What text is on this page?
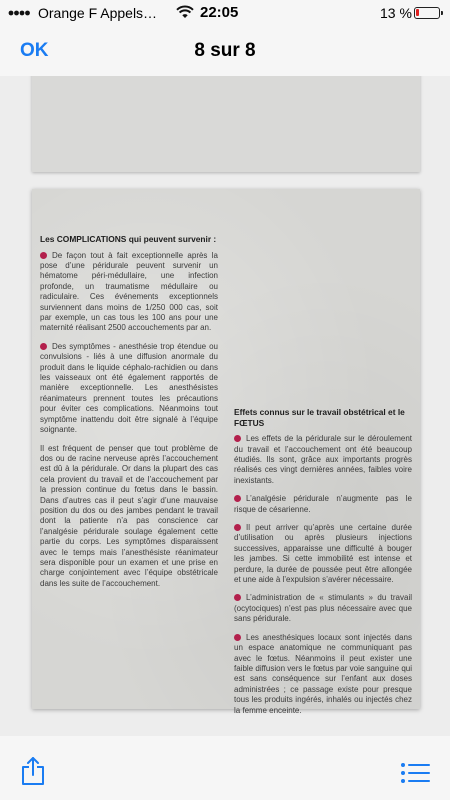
Orange F Appels…	22:05	13 %
OK	8 sur 8
Les COMPLICATIONS qui peuvent survenir :
De façon tout à fait exceptionnelle après la pose d’une péridurale peuvent survenir un hématome péri-médullaire, une infection profonde, un traumatisme médullaire ou radiculaire. Ces événements exceptionnels surviennent dans moins de 1/250 000 cas, soit par exemple, un cas tous les 100 ans pour une maternité réalisant 2500 accouchements par an.
Des symptômes - anesthésie trop étendue ou convulsions - liés à une diffusion anormale du produit dans le liquide céphalo-rachidien ou dans les vaisseaux ont été également rapportés de manière exceptionnelle. Les anesthésistes réanimateurs prennent toutes les précautions pour éviter ces complications. Néanmoins tout symptôme inattendu doit être signalé à l’équipe soignante.
Il est fréquent de penser que tout problème de dos ou de racine nerveuse après l’accouchement est dû à la péridurale. Or dans la plupart des cas cela provient du travail et de l’accouchement par la pression continue du fœtus dans le bassin. Dans d’autres cas il peut s’agir d’une mauvaise position du dos ou des jambes pendant le travail dont la patiente n’a pas conscience car l’analgésie péridurale soulage également cette partie du corps. Les symptômes disparaissent avec le temps mais l’anesthésiste réanimateur sera disponible pour un examen et une prise en charge conjointement avec l’équipe obstétricale dans les suite de l’accouchement.
Effets connus sur le travail obstétrical et le FŒTUS
Les effets de la péridurale sur le déroulement du travail et l’accouchement ont été beaucoup étudiés. Ils sont, grâce aux importants progrès réalisés ces vingt dernières années, faibles voire inexistants.
L’analgésie péridurale n’augmente pas le risque de césarienne.
Il peut arriver qu’après une certaine durée d’utilisation ou après plusieurs injections successives, apparaisse une difficulté à bouger les jambes. Si cette immobilité est intense et perdure, la durée de poussée peut être allongée et une aide à l’expulsion s’avérer nécessaire.
L’administration de « stimulants » du travail (ocytociques) n’est pas plus nécessaire avec que sans péridurale.
Les anesthésiques locaux sont injectés dans un espace anatomique ne communiquant pas avec le fœtus. Néanmoins il peut exister une faible diffusion vers le fœtus par voie sanguine qui est sans conséquence sur l’enfant aux doses administrées ; ce passage existe pour presque tous les produits ingérés, inhalés ou injectés chez la femme enceinte.
